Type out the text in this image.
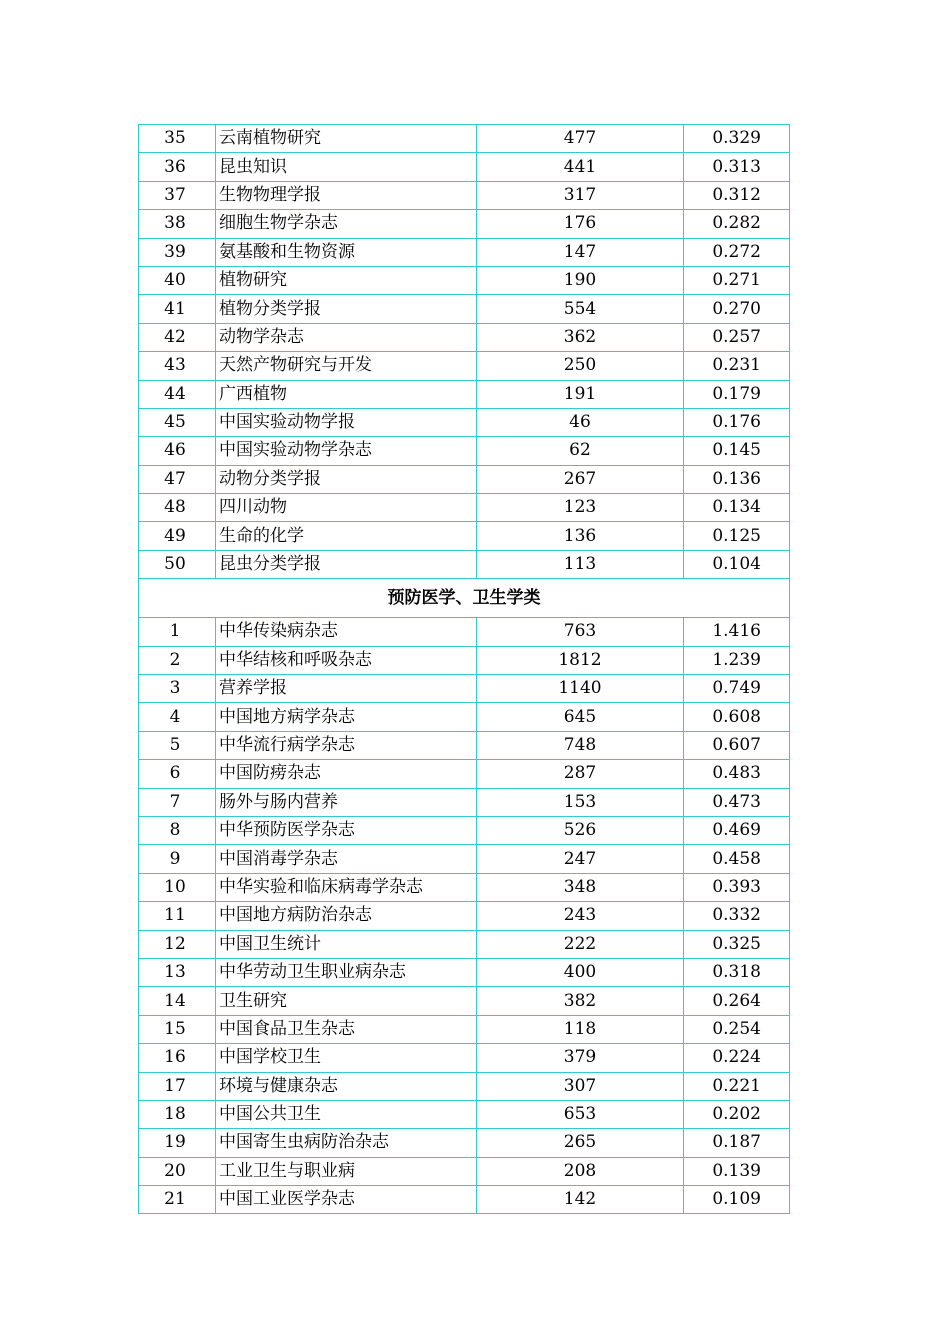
35	云南植物研究	477	0.329
36	昆虫知识	441	0.313
37	生物物理学报	317	0.312
38	细胞生物学杂志	176	0.282
39	氨基酸和生物资源	147	0.272
40	植物研究	190	0.271
41	植物分类学报	554	0.270
42	动物学杂志	362	0.257
43	天然产物研究与开发	250	0.231
44	广西植物	191	0.179
45	中国实验动物学报	46	0.176
46	中国实验动物学杂志	62	0.145
47	动物分类学报	267	0.136
48	四川动物	123	0.134
49	生命的化学	136	0.125
50	昆虫分类学报	113	0.104
预防医学、卫生学类			
1	中华传染病杂志	763	1.416
2	中华结核和呼吸杂志	1812	1.239
3	营养学报	1140	0.749
4	中国地方病学杂志	645	0.608
5	中华流行病学杂志	748	0.607
6	中国防痨杂志	287	0.483
7	肠外与肠内营养	153	0.473
8	中华预防医学杂志	526	0.469
9	中国消毒学杂志	247	0.458
10	中华实验和临床病毒学杂志	348	0.393
11	中国地方病防治杂志	243	0.332
12	中国卫生统计	222	0.325
13	中华劳动卫生职业病杂志	400	0.318
14	卫生研究	382	0.264
15	中国食品卫生杂志	118	0.254
16	中国学校卫生	379	0.224
17	环境与健康杂志	307	0.221
18	中国公共卫生	653	0.202
19	中国寄生虫病防治杂志	265	0.187
20	工业卫生与职业病	208	0.139
21	中国工业医学杂志	142	0.109
